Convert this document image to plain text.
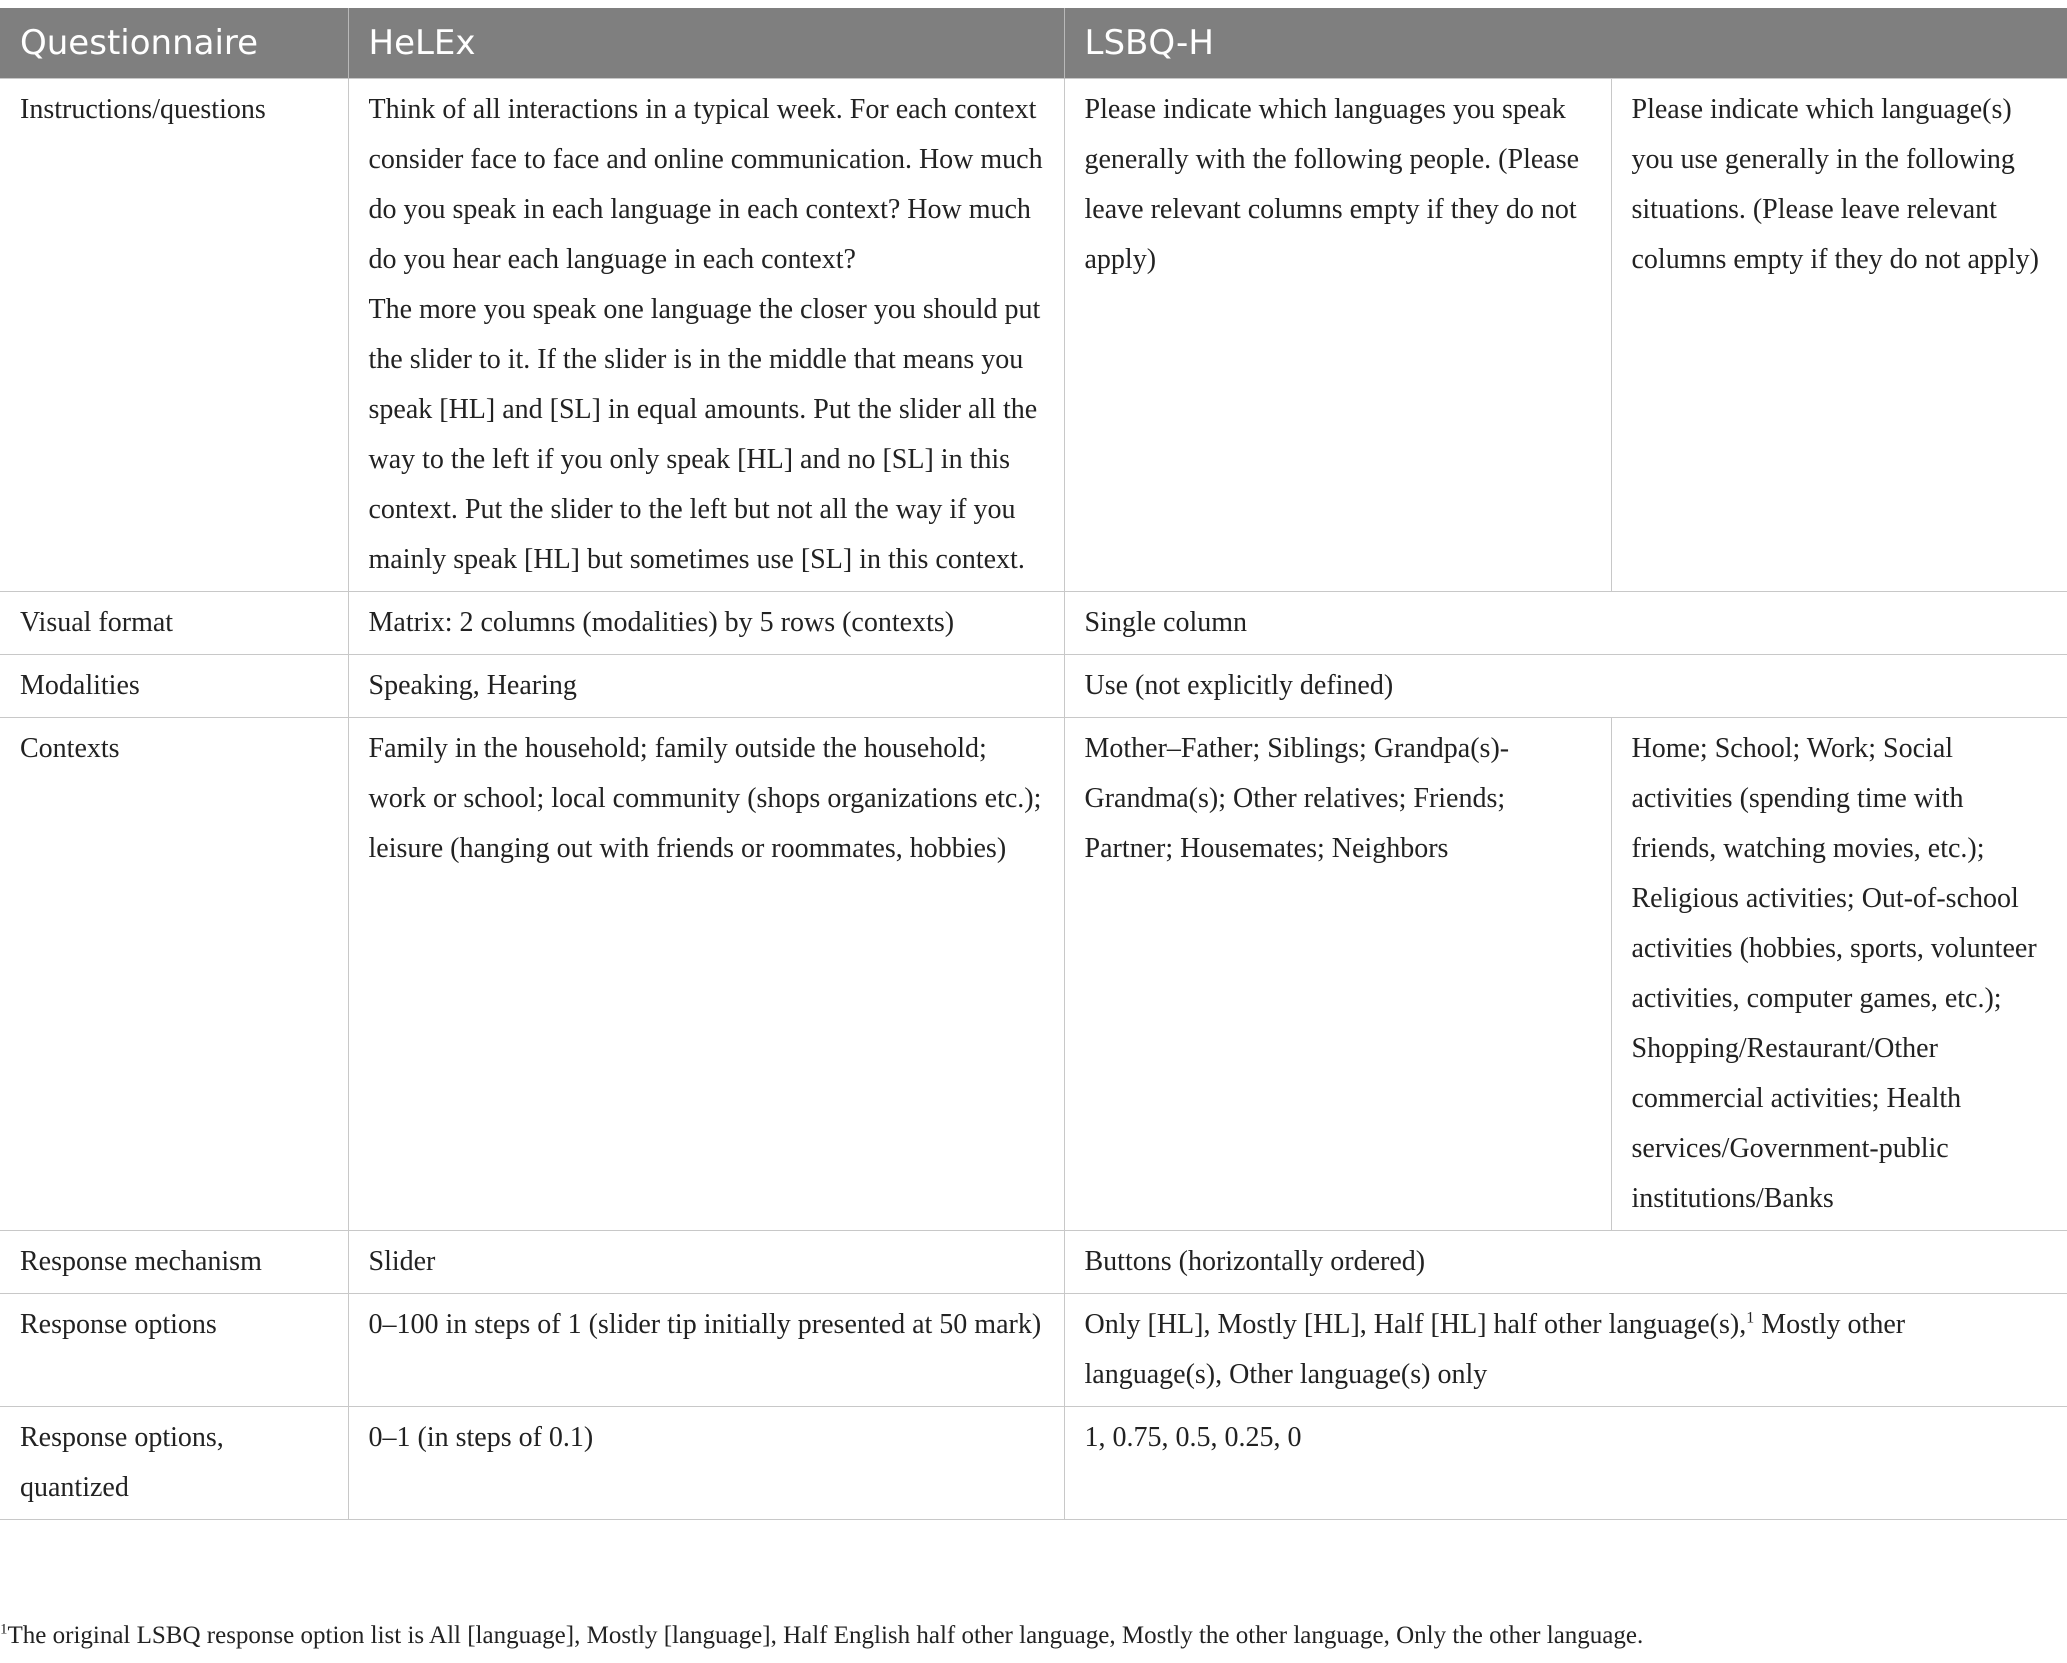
Questionnaire	HeLEx	LSBQ-H	
Instructions/questions	Think of all interactions in a typical week. For each context consider face to face and online communication. How much do you speak in each language in each context? How much do you hear each language in each context?
The more you speak one language the closer you should put the slider to it. If the slider is in the middle that means you speak [HL] and [SL] in equal amounts. Put the slider all the way to the left if you only speak [HL] and no [SL] in this context. Put the slider to the left but not all the way if you mainly speak [HL] but sometimes use [SL] in this context.	Please indicate which languages you speak generally with the following people. (Please leave relevant columns empty if they do not apply)	Please indicate which language(s) you use generally in the following situations. (Please leave relevant columns empty if they do not apply)
Visual format	Matrix: 2 columns (modalities) by 5 rows (contexts)	Single column	
Modalities	Speaking, Hearing	Use (not explicitly defined)	
Contexts	Family in the household; family outside the household; work or school; local community (shops organizations etc.); leisure (hanging out with friends or roommates, hobbies)	Mother–Father; Siblings; Grandpa(s)-Grandma(s); Other relatives; Friends; Partner; Housemates; Neighbors	Home; School; Work; Social activities (spending time with friends, watching movies, etc.); Religious activities; Out-of-school activities (hobbies, sports, volunteer activities, computer games, etc.); Shopping/Restaurant/Other commercial activities; Health services/Government-public institutions/Banks
Response mechanism	Slider	Buttons (horizontally ordered)	
Response options	0–100 in steps of 1 (slider tip initially presented at 50 mark)	Only [HL], Mostly [HL], Half [HL] half other language(s),$^1$ Mostly other language(s), Other language(s) only	
Response options, quantized	0–1 (in steps of 0.1)	1, 0.75, 0.5, 0.25, 0	
$^1$The original LSBQ response option list is All [language], Mostly [language], Half English half other language, Mostly the other language, Only the other language.
